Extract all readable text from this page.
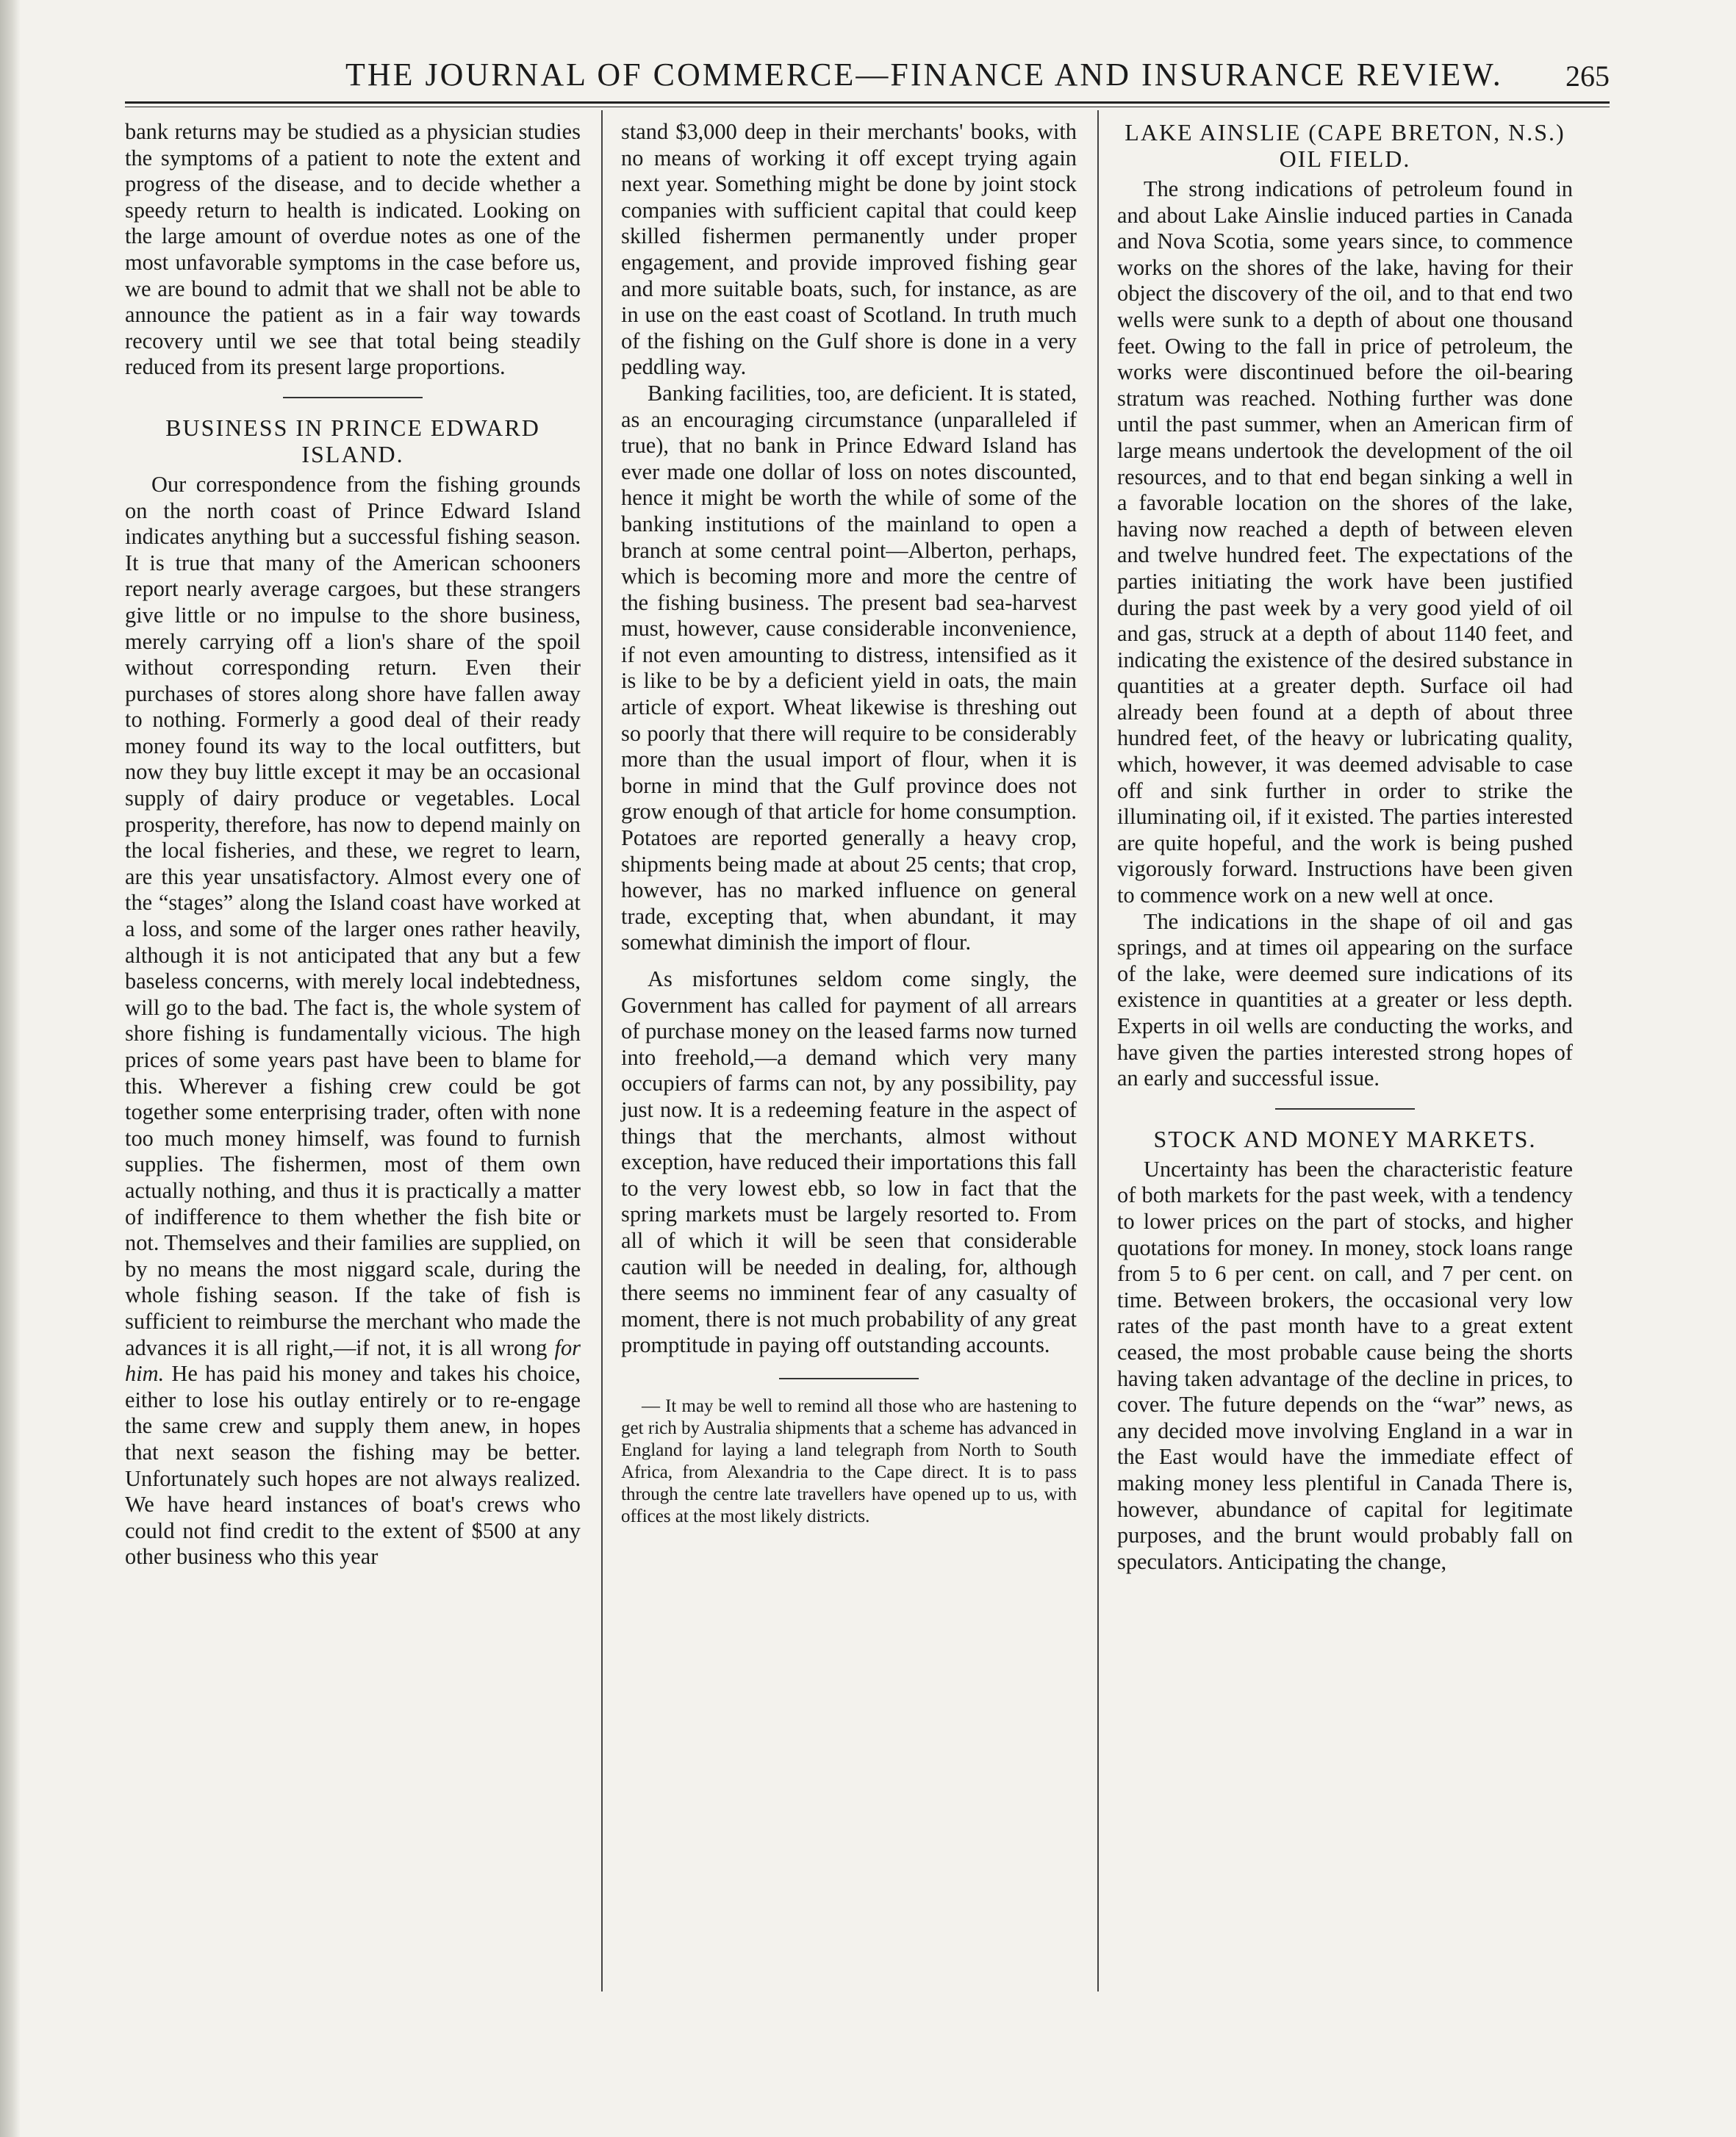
THE JOURNAL OF COMMERCE—FINANCE AND INSURANCE REVIEW. 265

bank returns may be studied as a physician studies the symptoms of a patient to note the extent and progress of the disease, and to decide whether a speedy return to health is indicated. Looking on the large amount of overdue notes as one of the most unfavorable symptoms in the case before us, we are bound to admit that we shall not be able to announce the patient as in a fair way towards recovery until we see that total being steadily reduced from its present large proportions.

BUSINESS IN PRINCE EDWARD ISLAND.

Our correspondence from the fishing grounds on the north coast of Prince Edward Island indicates anything but a successful fishing season. It is true that many of the American schooners report nearly average cargoes, but these strangers give little or no impulse to the shore business, merely carrying off a lion's share of the spoil without corresponding return. Even their purchases of stores along shore have fallen away to nothing. Formerly a good deal of their ready money found its way to the local outfitters, but now they buy little except it may be an occasional supply of dairy produce or vegetables. Local prosperity, therefore, has now to depend mainly on the local fisheries, and these, we regret to learn, are this year unsatisfactory. Almost every one of the “stages” along the Island coast have worked at a loss, and some of the larger ones rather heavily, although it is not anticipated that any but a few baseless concerns, with merely local indebtedness, will go to the bad. The fact is, the whole system of shore fishing is fundamentally vicious. The high prices of some years past have been to blame for this. Wherever a fishing crew could be got together some enterprising trader, often with none too much money himself, was found to furnish supplies. The fishermen, most of them own actually nothing, and thus it is practically a matter of indifference to them whether the fish bite or not. Themselves and their families are supplied, on by no means the most niggard scale, during the whole fishing season. If the take of fish is sufficient to reimburse the merchant who made the advances it is all right,—if not, it is all wrong for him. He has paid his money and takes his choice, either to lose his outlay entirely or to re-engage the same crew and supply them anew, in hopes that next season the fishing may be better. Unfortunately such hopes are not always realized. We have heard instances of boat's crews who could not find credit to the extent of $500 at any other business who this year

stand $3,000 deep in their merchants' books, with no means of working it off except trying again next year. Something might be done by joint stock companies with sufficient capital that could keep skilled fishermen permanently under proper engagement, and provide improved fishing gear and more suitable boats, such, for instance, as are in use on the east coast of Scotland. In truth much of the fishing on the Gulf shore is done in a very peddling way.

Banking facilities, too, are deficient. It is stated, as an encouraging circumstance (unparalleled if true), that no bank in Prince Edward Island has ever made one dollar of loss on notes discounted, hence it might be worth the while of some of the banking institutions of the mainland to open a branch at some central point—Alberton, perhaps, which is becoming more and more the centre of the fishing business. The present bad sea-harvest must, however, cause considerable inconvenience, if not even amounting to distress, intensified as it is like to be by a deficient yield in oats, the main article of export. Wheat likewise is threshing out so poorly that there will require to be considerably more than the usual import of flour, when it is borne in mind that the Gulf province does not grow enough of that article for home consumption. Potatoes are reported generally a heavy crop, shipments being made at about 25 cents; that crop, however, has no marked influence on general trade, excepting that, when abundant, it may somewhat diminish the import of flour.

As misfortunes seldom come singly, the Government has called for payment of all arrears of purchase money on the leased farms now turned into freehold,—a demand which very many occupiers of farms can not, by any possibility, pay just now. It is a redeeming feature in the aspect of things that the merchants, almost without exception, have reduced their importations this fall to the very lowest ebb, so low in fact that the spring markets must be largely resorted to. From all of which it will be seen that considerable caution will be needed in dealing, for, although there seems no imminent fear of any casualty of moment, there is not much probability of any great promptitude in paying off outstanding accounts.

— It may be well to remind all those who are hastening to get rich by Australia shipments that a scheme has advanced in England for laying a land telegraph from North to South Africa, from Alexandria to the Cape direct. It is to pass through the centre late travellers have opened up to us, with offices at the most likely districts.

LAKE AINSLIE (CAPE BRETON, N.S.) OIL FIELD.

The strong indications of petroleum found in and about Lake Ainslie induced parties in Canada and Nova Scotia, some years since, to commence works on the shores of the lake, having for their object the discovery of the oil, and to that end two wells were sunk to a depth of about one thousand feet. Owing to the fall in price of petroleum, the works were discontinued before the oil-bearing stratum was reached. Nothing further was done until the past summer, when an American firm of large means undertook the development of the oil resources, and to that end began sinking a well in a favorable location on the shores of the lake, having now reached a depth of between eleven and twelve hundred feet. The expectations of the parties initiating the work have been justified during the past week by a very good yield of oil and gas, struck at a depth of about 1140 feet, and indicating the existence of the desired substance in quantities at a greater depth. Surface oil had already been found at a depth of about three hundred feet, of the heavy or lubricating quality, which, however, it was deemed advisable to case off and sink further in order to strike the illuminating oil, if it existed. The parties interested are quite hopeful, and the work is being pushed vigorously forward. Instructions have been given to commence work on a new well at once.

The indications in the shape of oil and gas springs, and at times oil appearing on the surface of the lake, were deemed sure indications of its existence in quantities at a greater or less depth. Experts in oil wells are conducting the works, and have given the parties interested strong hopes of an early and successful issue.

STOCK AND MONEY MARKETS.

Uncertainty has been the characteristic feature of both markets for the past week, with a tendency to lower prices on the part of stocks, and higher quotations for money. In money, stock loans range from 5 to 6 per cent. on call, and 7 per cent. on time. Between brokers, the occasional very low rates of the past month have to a great extent ceased, the most probable cause being the shorts having taken advantage of the decline in prices, to cover. The future depends on the “war” news, as any decided move involving England in a war in the East would have the immediate effect of making money less plentiful in Canada There is, however, abundance of capital for legitimate purposes, and the brunt would probably fall on speculators. Anticipating the change,
